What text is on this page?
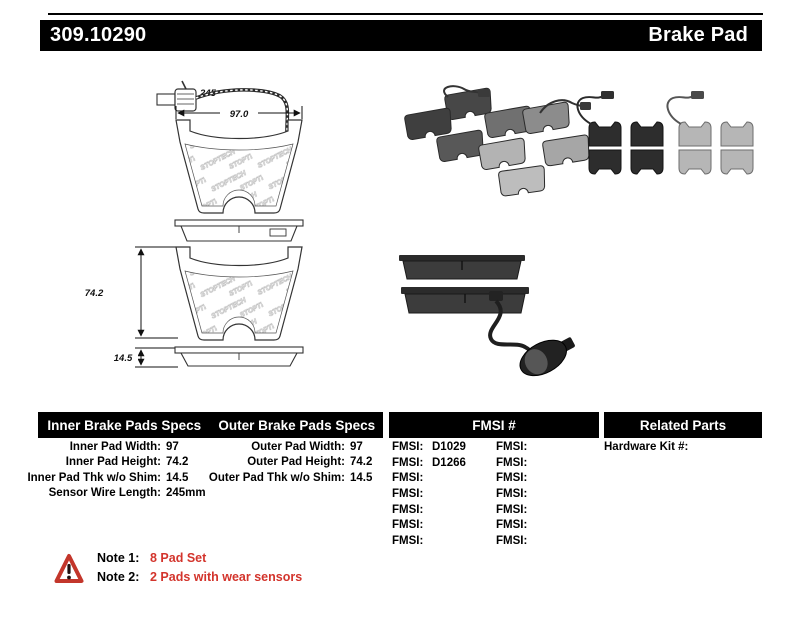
309.10290	Brake Pad
245
97.0
74.2
14.5
Inner Brake Pads Specs	Outer Brake Pads Specs	FMSI #	Related Parts
Inner Pad Width: 97
Inner Pad Height: 74.2
Inner Pad Thk w/o Shim: 14.5
Sensor Wire Length: 245mm
Outer Pad Width: 97
Outer Pad Height: 74.2
Outer Pad Thk w/o Shim: 14.5
FMSI: D1029
FMSI: D1266
FMSI:
FMSI:
FMSI:
FMSI:
FMSI:
FMSI:
FMSI:
FMSI:
FMSI:
FMSI:
FMSI:
FMSI:
Hardware Kit #:
Note 1: 8 Pad Set
Note 2: 2 Pads with wear sensors
